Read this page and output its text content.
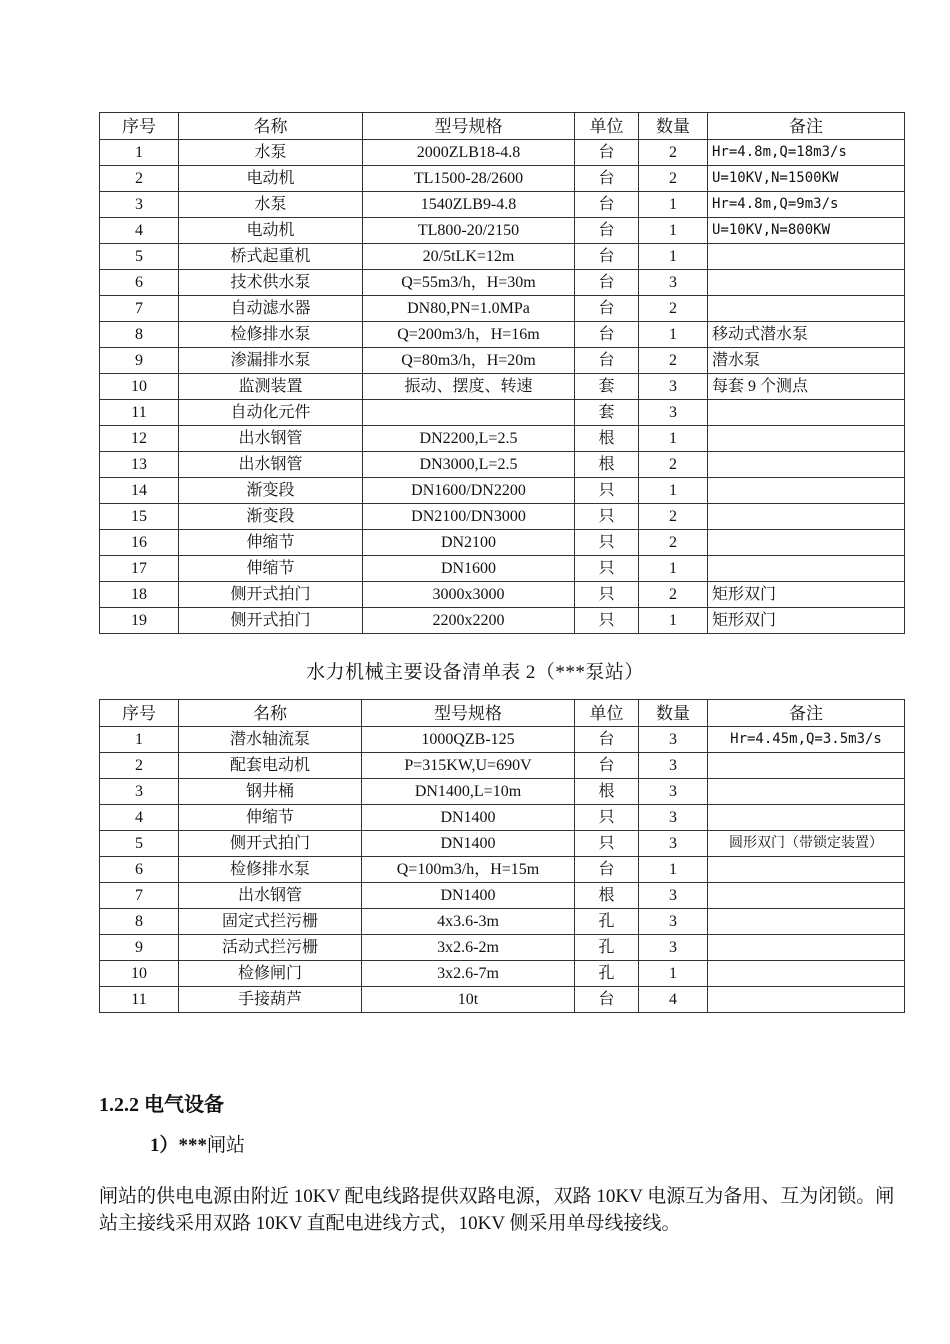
序号	名称	型号规格	单位	数量	备注
1	水泵	2000ZLB18-4.8	台	2	Hr=4.8m,Q=18m3/s
2	电动机	TL1500-28/2600	台	2	U=10KV,N=1500KW
3	水泵	1540ZLB9-4.8	台	1	Hr=4.8m,Q=9m3/s
4	电动机	TL800-20/2150	台	1	U=10KV,N=800KW
5	桥式起重机	20/5tLK=12m	台	1	
6	技术供水泵	Q=55m3/h，H=30m	台	3	
7	自动滤水器	DN80,PN=1.0MPa	台	2	
8	检修排水泵	Q=200m3/h，H=16m	台	1	移动式潜水泵
9	渗漏排水泵	Q=80m3/h，H=20m	台	2	潜水泵
10	监测装置	振动、摆度、转速	套	3	每套 9 个测点
11	自动化元件		套	3	
12	出水钢管	DN2200,L=2.5	根	1	
13	出水钢管	DN3000,L=2.5	根	2	
14	渐变段	DN1600/DN2200	只	1	
15	渐变段	DN2100/DN3000	只	2	
16	伸缩节	DN2100	只	2	
17	伸缩节	DN1600	只	1	
18	侧开式拍门	3000x3000	只	2	矩形双门
19	侧开式拍门	2200x2200	只	1	矩形双门
水力机械主要设备清单表 2（***泵站）
序号	名称	型号规格	单位	数量	备注
1	潜水轴流泵	1000QZB-125	台	3	Hr=4.45m,Q=3.5m3/s
2	配套电动机	P=315KW,U=690V	台	3	
3	钢井桶	DN1400,L=10m	根	3	
4	伸缩节	DN1400	只	3	
5	侧开式拍门	DN1400	只	3	圆形双门（带锁定装置）
6	检修排水泵	Q=100m3/h，H=15m	台	1	
7	出水钢管	DN1400	根	3	
8	固定式拦污栅	4x3.6-3m	孔	3	
9	活动式拦污栅	3x2.6-2m	孔	3	
10	检修闸门	3x2.6-7m	孔	1	
11	手接葫芦	10t	台	4	
1.2.2 电气设备
1）***闸站
闸站的供电电源由附近 10KV 配电线路提供双路电源，双路 10KV 电源互为备用、互为闭锁。闸站主接线采用双路 10KV 直配电进线方式，10KV 侧采用单母线接线。
